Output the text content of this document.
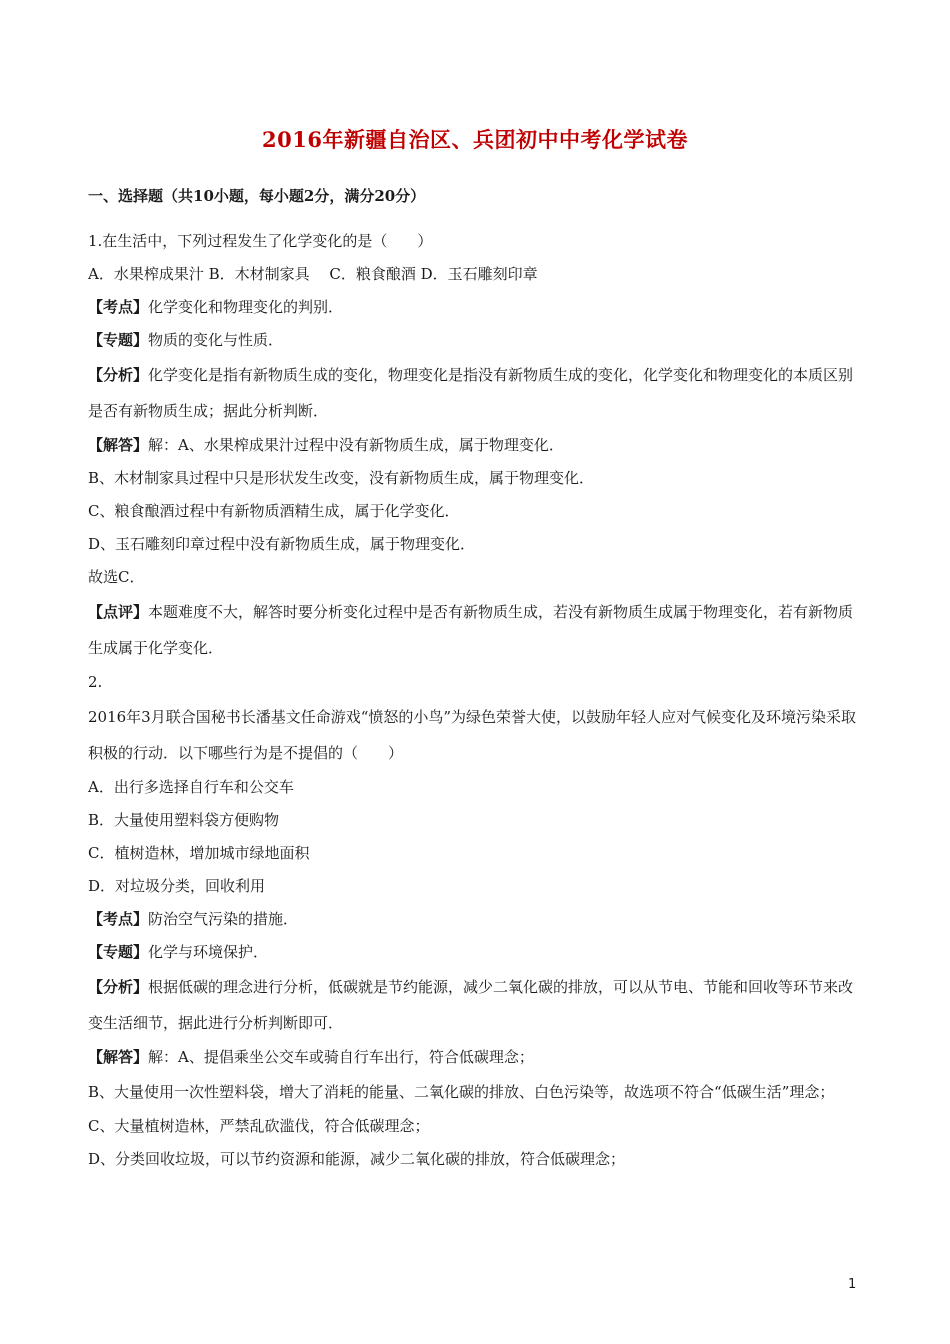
2016年新疆自治区、兵团初中中考化学试卷
一、选择题（共10小题，每小题2分，满分20分）
1.在生活中，下列过程发生了化学变化的是（　　）
A．水果榨成果汁 B．木材制家具　 C．粮食酿酒 D．玉石雕刻印章
【考点】化学变化和物理变化的判别．
【专题】物质的变化与性质．
【分析】化学变化是指有新物质生成的变化，物理变化是指没有新物质生成的变化，化学变化和物理变化的本质区别是否有新物质生成；据此分析判断．
【解答】解：A、水果榨成果汁过程中没有新物质生成，属于物理变化．
B、木材制家具过程中只是形状发生改变，没有新物质生成，属于物理变化．
C、粮食酿酒过程中有新物质酒精生成，属于化学变化．
D、玉石雕刻印章过程中没有新物质生成，属于物理变化．
故选C．
【点评】本题难度不大，解答时要分析变化过程中是否有新物质生成，若没有新物质生成属于物理变化，若有新物质生成属于化学变化．
2.
2016年3月联合国秘书长潘基文任命游戏“愤怒的小鸟”为绿色荣誉大使，以鼓励年轻人应对气候变化及环境污染采取积极的行动．以下哪些行为是不提倡的（　　）
A．出行多选择自行车和公交车
B．大量使用塑料袋方便购物
C．植树造林，增加城市绿地面积
D．对垃圾分类，回收利用
【考点】防治空气污染的措施．
【专题】化学与环境保护．
【分析】根据低碳的理念进行分析，低碳就是节约能源，减少二氧化碳的排放，可以从节电、节能和回收等环节来改变生活细节，据此进行分析判断即可．
【解答】解：A、提倡乘坐公交车或骑自行车出行，符合低碳理念；
B、大量使用一次性塑料袋，增大了消耗的能量、二氧化碳的排放、白色污染等，故选项不符合“低碳生活”理念；
C、大量植树造林，严禁乱砍滥伐，符合低碳理念；
D、分类回收垃圾，可以节约资源和能源，减少二氧化碳的排放，符合低碳理念；
1
